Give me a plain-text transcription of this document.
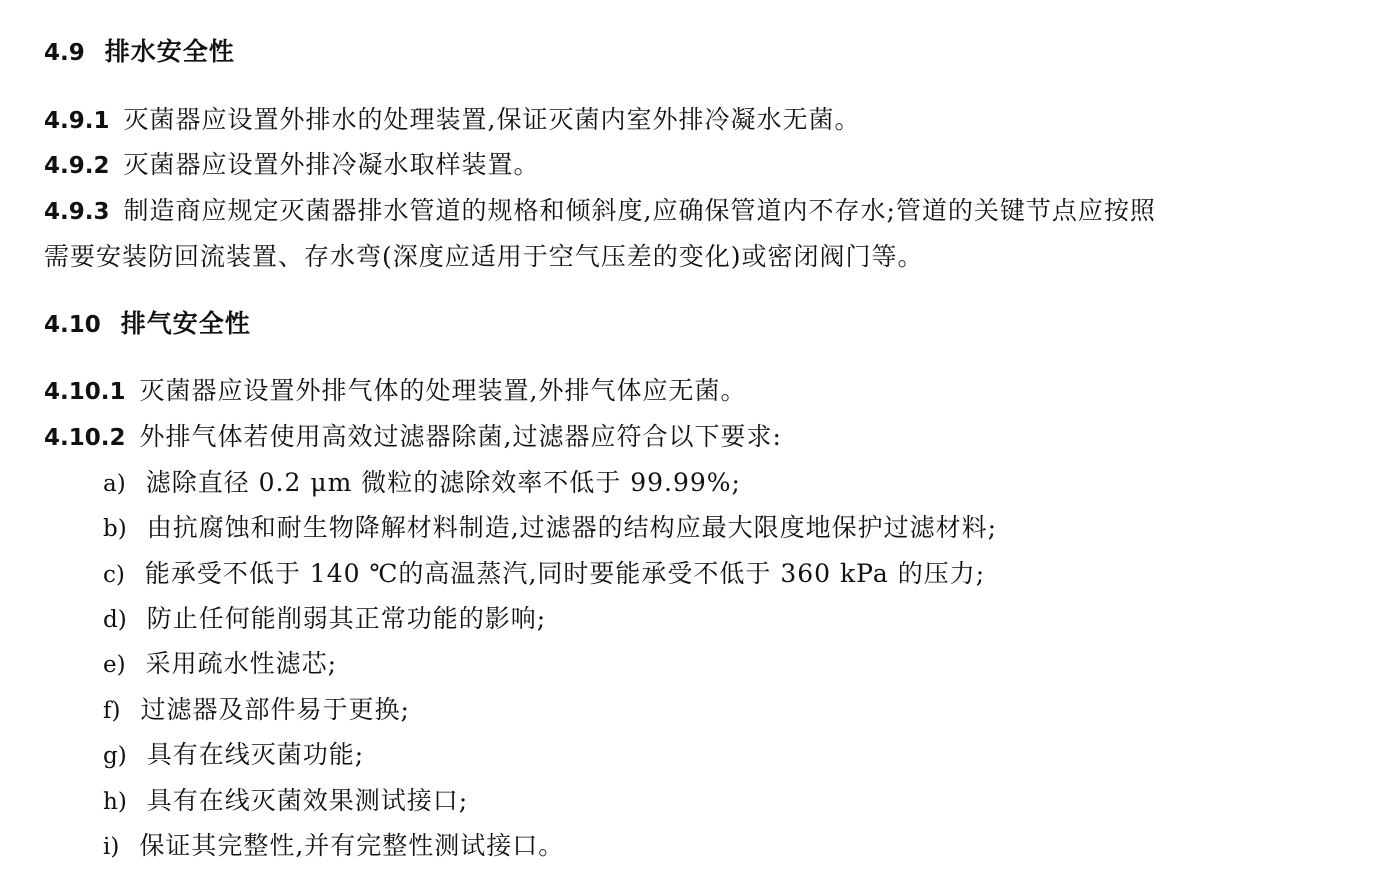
4.9 排水安全性
4.9.1 灭菌器应设置外排水的处理装置,保证灭菌内室外排冷凝水无菌。
4.9.2 灭菌器应设置外排冷凝水取样装置。
4.9.3 制造商应规定灭菌器排水管道的规格和倾斜度,应确保管道内不存水;管道的关键节点应按照
需要安装防回流装置、存水弯(深度应适用于空气压差的变化)或密闭阀门等。
4.10 排气安全性
4.10.1 灭菌器应设置外排气体的处理装置,外排气体应无菌。
4.10.2 外排气体若使用高效过滤器除菌,过滤器应符合以下要求:
a) 滤除直径 0.2 μm 微粒的滤除效率不低于 99.99%;
b) 由抗腐蚀和耐生物降解材料制造,过滤器的结构应最大限度地保护过滤材料;
c) 能承受不低于 140 ℃的高温蒸汽,同时要能承受不低于 360 kPa 的压力;
d) 防止任何能削弱其正常功能的影响;
e) 采用疏水性滤芯;
f) 过滤器及部件易于更换;
g) 具有在线灭菌功能;
h) 具有在线灭菌效果测试接口;
i) 保证其完整性,并有完整性测试接口。
